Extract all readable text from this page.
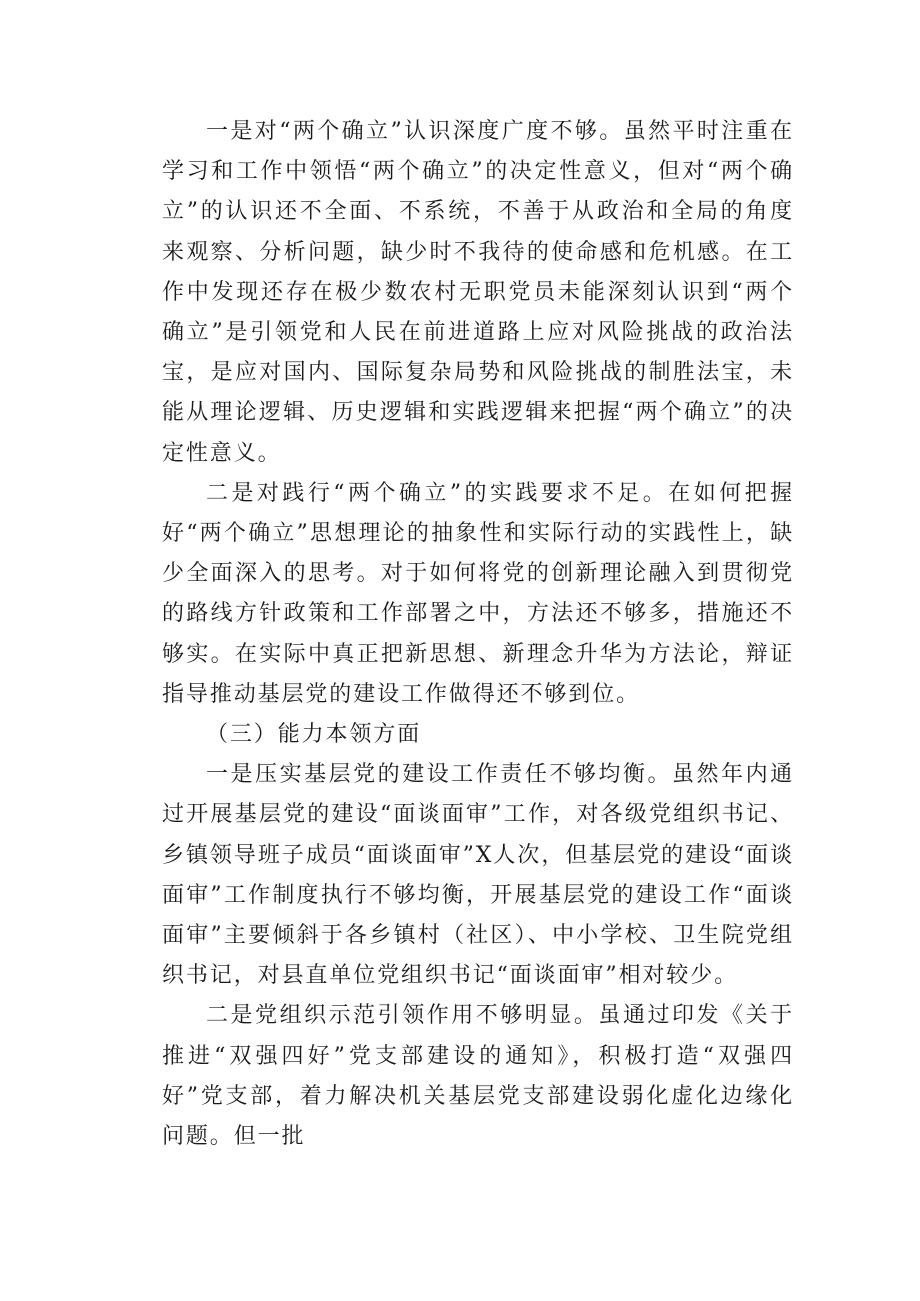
一是对“两个确立”认识深度广度不够。虽然平时注重在学习和工作中领悟“两个确立”的决定性意义，但对“两个确立”的认识还不全面、不系统，不善于从政治和全局的角度来观察、分析问题，缺少时不我待的使命感和危机感。在工作中发现还存在极少数农村无职党员未能深刻认识到“两个确立”是引领党和人民在前进道路上应对风险挑战的政治法宝，是应对国内、国际复杂局势和风险挑战的制胜法宝，未能从理论逻辑、历史逻辑和实践逻辑来把握“两个确立”的决定性意义。

二是对践行“两个确立”的实践要求不足。在如何把握好“两个确立”思想理论的抽象性和实际行动的实践性上，缺少全面深入的思考。对于如何将党的创新理论融入到贯彻党的路线方针政策和工作部署之中，方法还不够多，措施还不够实。在实际中真正把新思想、新理念升华为方法论，辩证指导推动基层党的建设工作做得还不够到位。

（三）能力本领方面

一是压实基层党的建设工作责任不够均衡。虽然年内通过开展基层党的建设“面谈面审”工作，对各级党组织书记、乡镇领导班子成员“面谈面审”X人次，但基层党的建设“面谈面审”工作制度执行不够均衡，开展基层党的建设工作“面谈面审”主要倾斜于各乡镇村（社区）、中小学校、卫生院党组织书记，对县直单位党组织书记“面谈面审”相对较少。

二是党组织示范引领作用不够明显。虽通过印发《关于推进“双强四好”党支部建设的通知》，积极打造“双强四好”党支部，着力解决机关基层党支部建设弱化虚化边缘化问题。但一批
